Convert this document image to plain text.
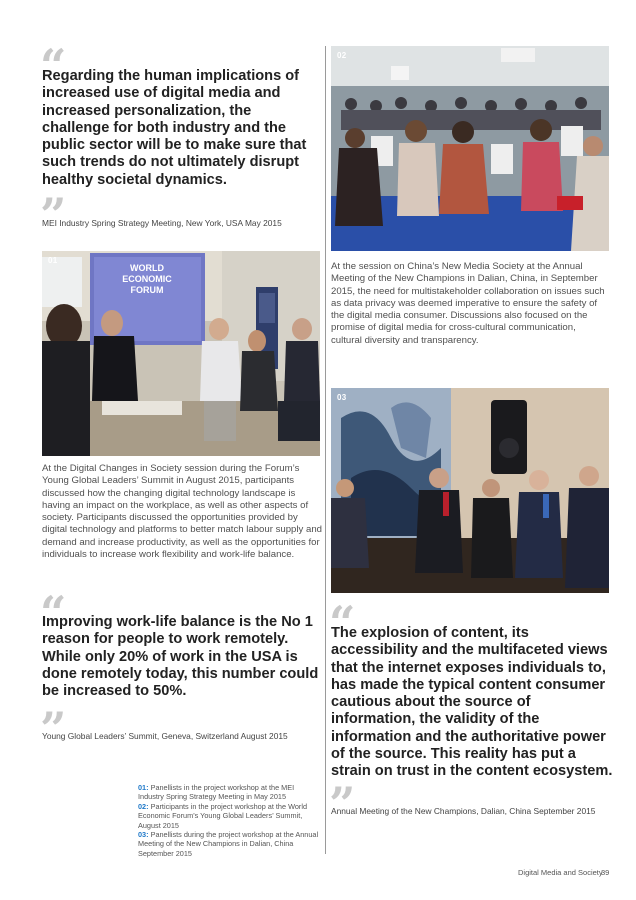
“

Regarding the human implications of increased use of digital media and increased personalization, the challenge for both industry and the public sector will be to make sure that such trends do not ultimately disrupt healthy societal dynamics.

”

MEI Industry Spring Strategy Meeting, New York, USA May 2015

WORLD
ECONOMIC
FORUM
01

At the Digital Changes in Society session during the Forum’s Young Global Leaders’ Summit in August 2015, participants discussed how the changing digital technology landscape is having an impact on the workplace, as well as other aspects of society. Participants discussed the opportunities provided by digital technology and platforms to better match labour supply and demand and increase productivity, as well as the opportunities for individuals to increase work flexibility and work-life balance.

“

Improving work-life balance is the No 1 reason for people to work remotely. While only 20% of work in the USA is done remotely today, this number could be increased to 50%.

”

Young Global Leaders’ Summit, Geneva, Switzerland August 2015

01: Panellists in the project workshop at the MEI Industry Spring Strategy Meeting in May 2015
02: Participants in the project workshop at the World Economic Forum’s Young Global Leaders’ Summit, August 2015
03: Panellists during the project workshop at the Annual Meeting of the New Champions in Dalian, China September 2015
02

At the session on China’s New Media Society at the Annual Meeting of the New Champions in Dalian, China, in September 2015, the need for multistakeholder collaboration on issues such as data privacy was deemed imperative to ensure the safety of the digital media consumer. Discussions also focused on the promise of digital media for cross-cultural communication, cultural diversity and transparency.

03
“

The explosion of content, its accessibility and the multifaceted views that the internet exposes individuals to, has made the typical content consumer cautious about the source of information, the validity of the information and the authoritative power of the source. This reality has put a strain on trust in the content ecosystem.

”

Annual Meeting of the New Champions, Dalian, China September 2015

Digital Media and Society
39
